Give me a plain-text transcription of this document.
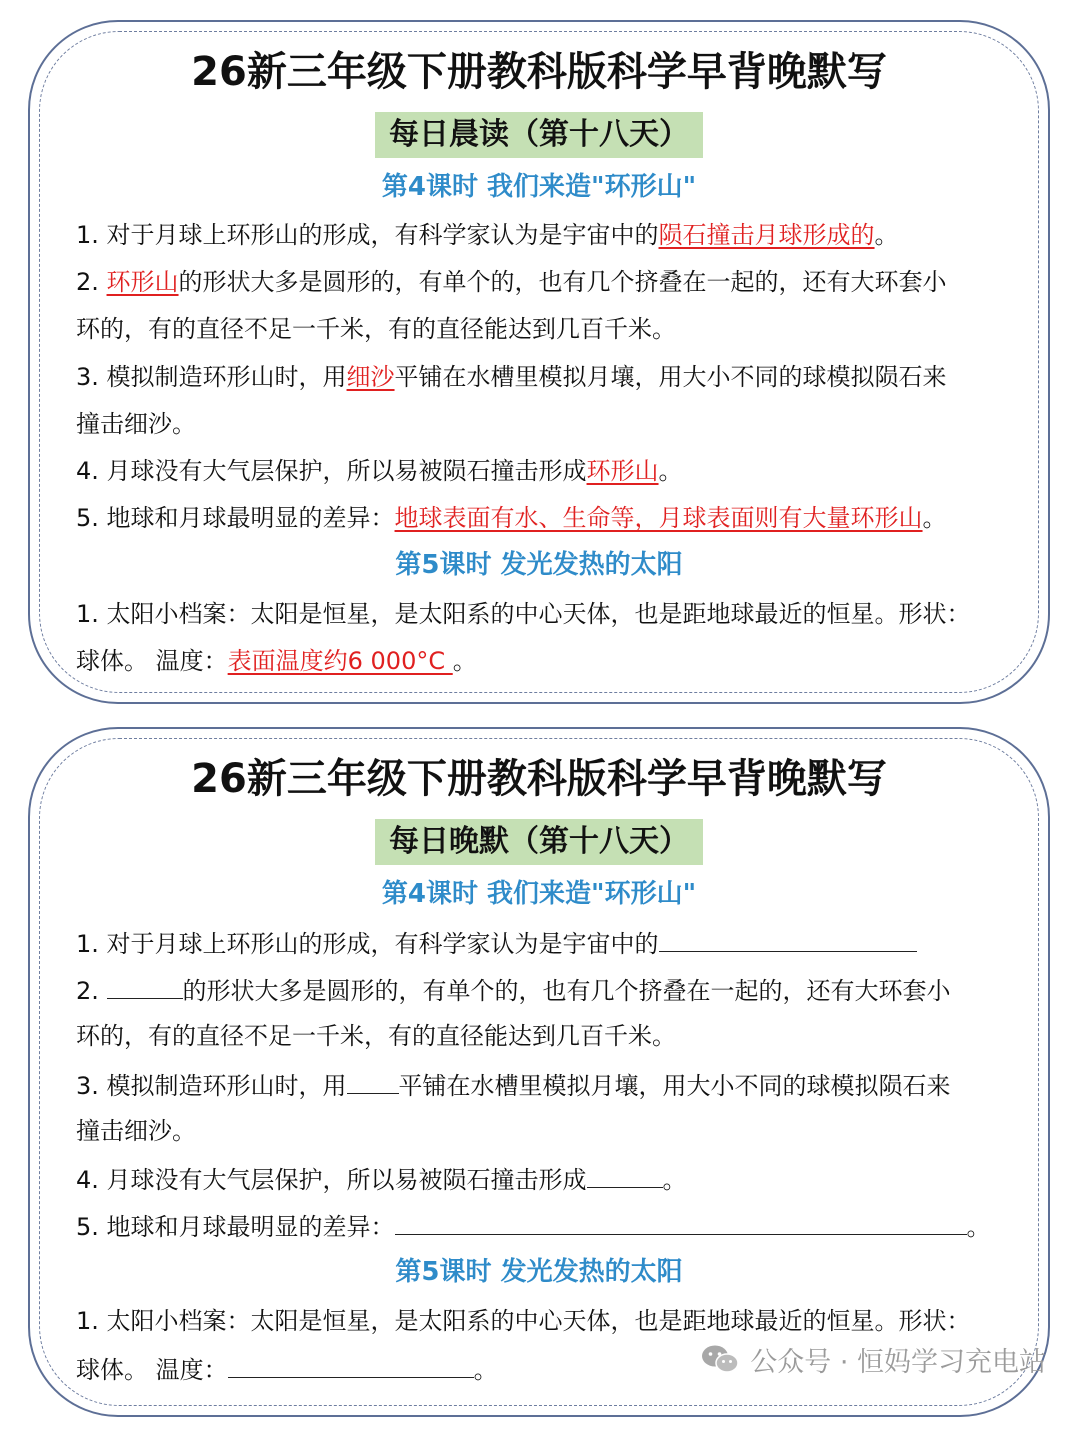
26新三年级下册教科版科学早背晚默写
每日晨读（第十八天）
第4课时 我们来造"环形山"
1. 对于月球上环形山的形成，有科学家认为是宇宙中的陨石撞击月球形成的。
2. 环形山的形状大多是圆形的，有单个的，也有几个挤叠在一起的，还有大环套小
环的，有的直径不足一千米，有的直径能达到几百千米。
3. 模拟制造环形山时，用细沙平铺在水槽里模拟月壤，用大小不同的球模拟陨石来
撞击细沙。
4. 月球没有大气层保护，所以易被陨石撞击形成环形山。
5. 地球和月球最明显的差异：地球表面有水、生命等，月球表面则有大量环形山。
第5课时 发光发热的太阳
1. 太阳小档案：太阳是恒星，是太阳系的中心天体，也是距地球最近的恒星。形状：
球体。 温度：表面温度约6 000°C 。
26新三年级下册教科版科学早背晚默写
每日晚默（第十八天）
第4课时 我们来造"环形山"
1. 对于月球上环形山的形成，有科学家认为是宇宙中的
2.	的形状大多是圆形的，有单个的，也有几个挤叠在一起的，还有大环套小
环的，有的直径不足一千米，有的直径能达到几百千米。
3. 模拟制造环形山时，用 平铺在水槽里模拟月壤，用大小不同的球模拟陨石来
撞击细沙。
4. 月球没有大气层保护，所以易被陨石撞击形成	。
5. 地球和月球最明显的差异：	。
第5课时 发光发热的太阳
1. 太阳小档案：太阳是恒星，是太阳系的中心天体，也是距地球最近的恒星。形状：
球体。 温度：	。	公众号 · 恒妈学习充电站
